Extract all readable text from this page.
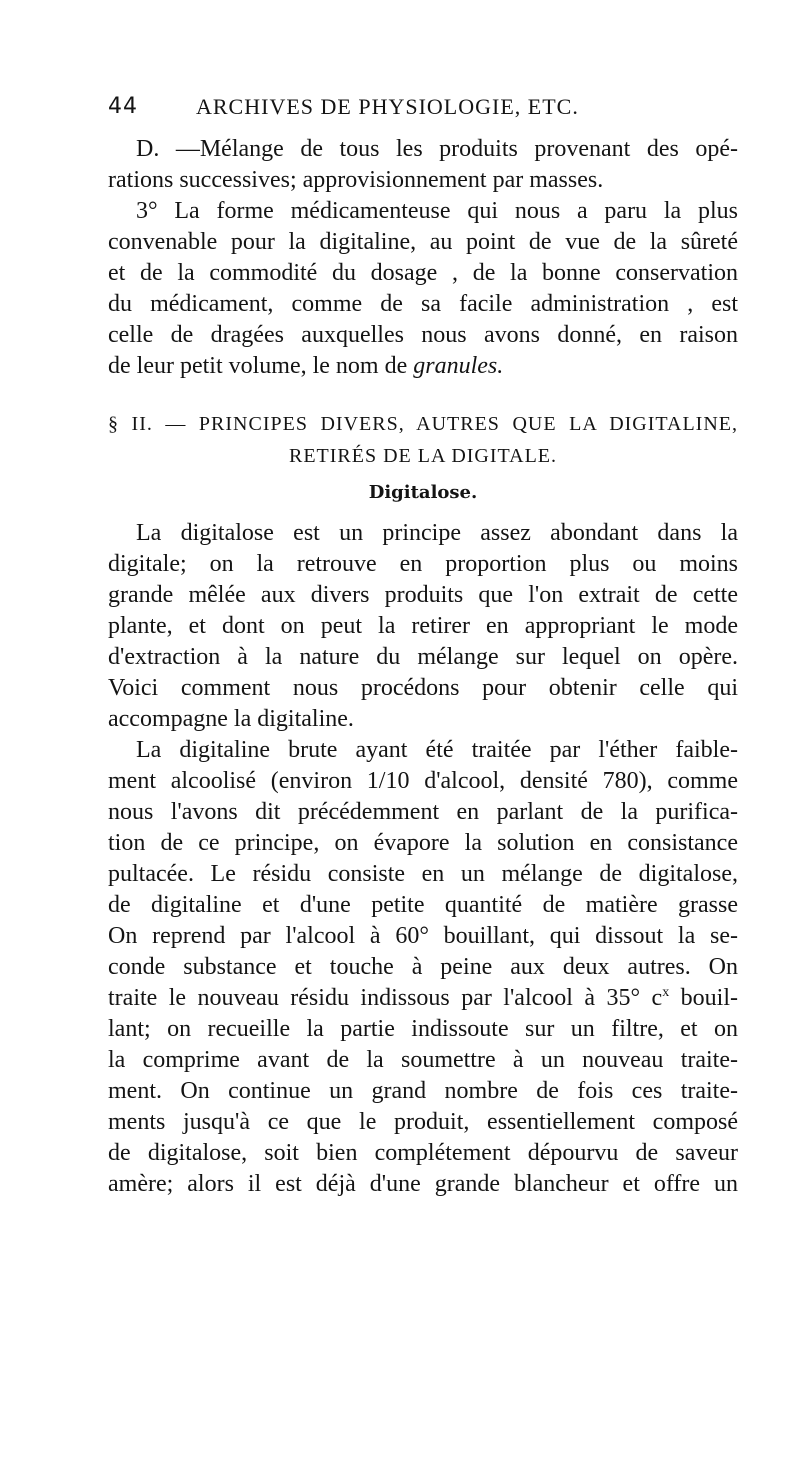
44	ARCHIVES DE PHYSIOLOGIE, ETC.
D. —Mélange de tous les produits provenant des opé-
rations successives; approvisionnement par masses.
3° La forme médicamenteuse qui nous a paru la plus
convenable pour la digitaline, au point de vue de la sûreté
et de la commodité du dosage , de la bonne conservation
du médicament, comme de sa facile administration , est
celle de dragées auxquelles nous avons donné, en raison
de leur petit volume, le nom de granules.
§ II. — PRINCIPES DIVERS, AUTRES QUE LA DIGITALINE,
RETIRÉS DE LA DIGITALE.
Digitalose.
La digitalose est un principe assez abondant dans la
digitale; on la retrouve en proportion plus ou moins
grande mêlée aux divers produits que l'on extrait de cette
plante, et dont on peut la retirer en appropriant le mode
d'extraction à la nature du mélange sur lequel on opère.
Voici comment nous procédons pour obtenir celle qui
accompagne la digitaline.
La digitaline brute ayant été traitée par l'éther faible-
ment alcoolisé (environ 1/10 d'alcool, densité 780), comme
nous l'avons dit précédemment en parlant de la purifica-
tion de ce principe, on évapore la solution en consistance
pultacée. Le résidu consiste en un mélange de digitalose,
de digitaline et d'une petite quantité de matière grasse
On reprend par l'alcool à 60° bouillant, qui dissout la se-
conde substance et touche à peine aux deux autres. On
traite le nouveau résidu indissous par l'alcool à 35° $c^x$ bouil-
lant; on recueille la partie indissoute sur un filtre, et on
la comprime avant de la soumettre à un nouveau traite-
ment. On continue un grand nombre de fois ces traite-
ments jusqu'à ce que le produit, essentiellement composé
de digitalose, soit bien complétement dépourvu de saveur
amère; alors il est déjà d'une grande blancheur et offre un
